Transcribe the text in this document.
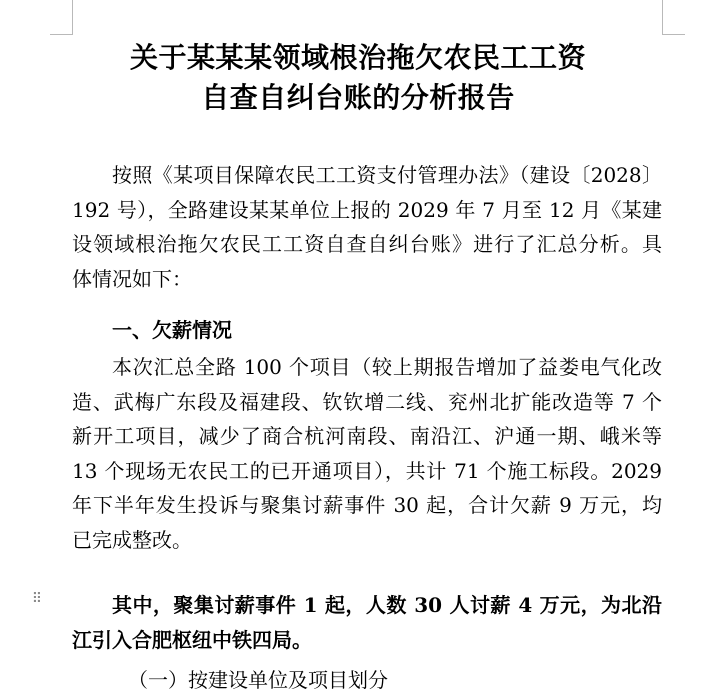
关于某某某领域根治拖欠农民工工资
自查自纠台账的分析报告

按照《某项目保障农民工工资支付管理办法》（建设〔2028〕
192 号），全路建设某某单位上报的 2029 年 7 月至 12 月《某建
设领域根治拖欠农民工工资自查自纠台账》进行了汇总分析。具
体情况如下：

一、欠薪情况

本次汇总全路 100 个项目（较上期报告增加了益娄电气化改
造、武梅广东段及福建段、钦钦增二线、兖州北扩能改造等 7 个
新开工项目，减少了商合杭河南段、南沿江、沪通一期、峨米等
13 个现场无农民工的已开通项目），共计 71 个施工标段。2029
年下半年发生投诉与聚集讨薪事件 30 起，合计欠薪 9 万元，均
已完成整改。

⠿	其中，聚集讨薪事件 1 起，人数 30 人讨薪 4 万元，为北沿
江引入合肥枢纽中铁四局。

（一）按建设单位及项目划分
